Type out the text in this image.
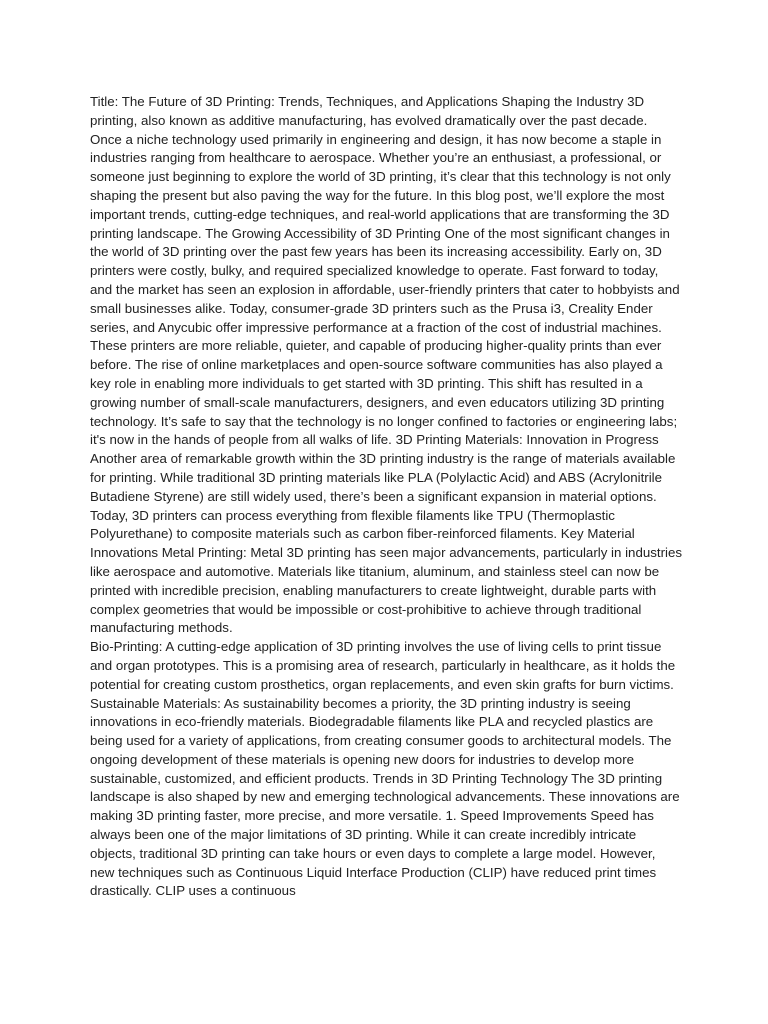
Title: The Future of 3D Printing: Trends, Techniques, and Applications Shaping the Industry 3D printing, also known as additive manufacturing, has evolved dramatically over the past decade. Once a niche technology used primarily in engineering and design, it has now become a staple in industries ranging from healthcare to aerospace. Whether you’re an enthusiast, a professional, or someone just beginning to explore the world of 3D printing, it’s clear that this technology is not only shaping the present but also paving the way for the future. In this blog post, we’ll explore the most important trends, cutting-edge techniques, and real-world applications that are transforming the 3D printing landscape. The Growing Accessibility of 3D Printing One of the most significant changes in the world of 3D printing over the past few years has been its increasing accessibility. Early on, 3D printers were costly, bulky, and required specialized knowledge to operate. Fast forward to today, and the market has seen an explosion in affordable, user-friendly printers that cater to hobbyists and small businesses alike. Today, consumer-grade 3D printers such as the Prusa i3, Creality Ender series, and Anycubic offer impressive performance at a fraction of the cost of industrial machines. These printers are more reliable, quieter, and capable of producing higher-quality prints than ever before. The rise of online marketplaces and open-source software communities has also played a key role in enabling more individuals to get started with 3D printing. This shift has resulted in a growing number of small-scale manufacturers, designers, and even educators utilizing 3D printing technology. It’s safe to say that the technology is no longer confined to factories or engineering labs; it's now in the hands of people from all walks of life. 3D Printing Materials: Innovation in Progress Another area of remarkable growth within the 3D printing industry is the range of materials available for printing. While traditional 3D printing materials like PLA (Polylactic Acid) and ABS (Acrylonitrile Butadiene Styrene) are still widely used, there’s been a significant expansion in material options. Today, 3D printers can process everything from flexible filaments like TPU (Thermoplastic Polyurethane) to composite materials such as carbon fiber-reinforced filaments. Key Material Innovations Metal Printing: Metal 3D printing has seen major advancements, particularly in industries like aerospace and automotive. Materials like titanium, aluminum, and stainless steel can now be printed with incredible precision, enabling manufacturers to create lightweight, durable parts with complex geometries that would be impossible or cost-prohibitive to achieve through traditional manufacturing methods.

Bio-Printing: A cutting-edge application of 3D printing involves the use of living cells to print tissue and organ prototypes. This is a promising area of research, particularly in healthcare, as it holds the potential for creating custom prosthetics, organ replacements, and even skin grafts for burn victims. Sustainable Materials: As sustainability becomes a priority, the 3D printing industry is seeing innovations in eco-friendly materials. Biodegradable filaments like PLA and recycled plastics are being used for a variety of applications, from creating consumer goods to architectural models. The ongoing development of these materials is opening new doors for industries to develop more sustainable, customized, and efficient products. Trends in 3D Printing Technology The 3D printing landscape is also shaped by new and emerging technological advancements. These innovations are making 3D printing faster, more precise, and more versatile. 1. Speed Improvements Speed has always been one of the major limitations of 3D printing. While it can create incredibly intricate objects, traditional 3D printing can take hours or even days to complete a large model. However, new techniques such as Continuous Liquid Interface Production (CLIP) have reduced print times drastically. CLIP uses a continuous
